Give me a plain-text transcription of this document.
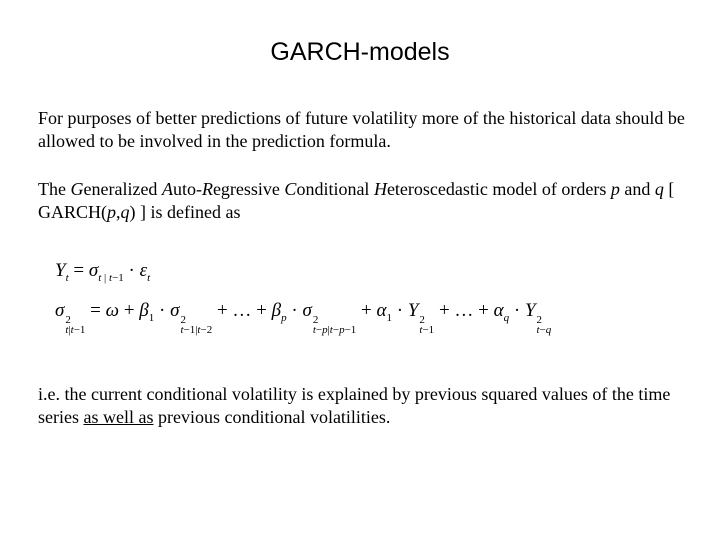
GARCH-models
For purposes of better predictions of future volatility more of the historical data should be allowed to be involved in the prediction formula.
The Generalized Auto-Regressive Conditional Heteroscedastic model of orders p and q [ GARCH(p,q) ] is defined as
$Y_t = \sigma_{t | t-1} \cdot \varepsilon_t$
σ 2
t|t−1
= $\omega + \beta_1 \cdot \sigma$ 2
t−1|t−2
+ … + $\beta_p \cdot \sigma$ 2
t−p|t−p−1
+ $\alpha_1 \cdot Y$ 2
t−1
+ … + $\alpha_q \cdot Y$ 2
t−q
i.e. the current conditional volatility is explained by previous squared values of the time series as well as previous conditional volatilities.
